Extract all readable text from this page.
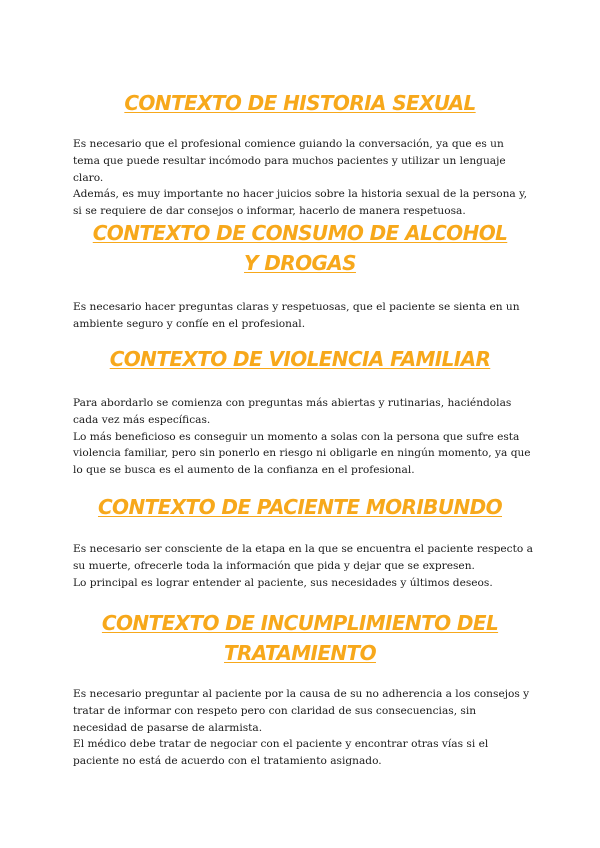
CONTEXTO DE HISTORIA SEXUAL
Es necesario que el profesional comience guiando la conversación, ya que es un tema que puede resultar incómodo para muchos pacientes y utilizar un lenguaje claro.
Además, es muy importante no hacer juicios sobre la historia sexual de la persona y, si se requiere de dar consejos o informar, hacerlo de manera respetuosa.
CONTEXTO DE CONSUMO DE ALCOHOL Y DROGAS
Es necesario hacer preguntas claras y respetuosas, que el paciente se sienta en un ambiente seguro y confíe en el profesional.
CONTEXTO DE VIOLENCIA FAMILIAR
Para abordarlo se comienza con preguntas más abiertas y rutinarias, haciéndolas cada vez más específicas.
Lo más beneficioso es conseguir un momento a solas con la persona que sufre esta violencia familiar, pero sin ponerlo en riesgo ni obligarle en ningún momento, ya que lo que se busca es el aumento de la confianza en el profesional.
CONTEXTO DE PACIENTE MORIBUNDO
Es necesario ser consciente de la etapa en la que se encuentra el paciente respecto a su muerte, ofrecerle toda la información que pida y dejar que se expresen.
Lo principal es lograr entender al paciente, sus necesidades y últimos deseos.
CONTEXTO DE INCUMPLIMIENTO DEL TRATAMIENTO
Es necesario preguntar al paciente por la causa de su no adherencia a los consejos y tratar de informar con respeto pero con claridad de sus consecuencias, sin necesidad de pasarse de alarmista.
El médico debe tratar de negociar con el paciente y encontrar otras vías si el paciente no está de acuerdo con el tratamiento asignado.
